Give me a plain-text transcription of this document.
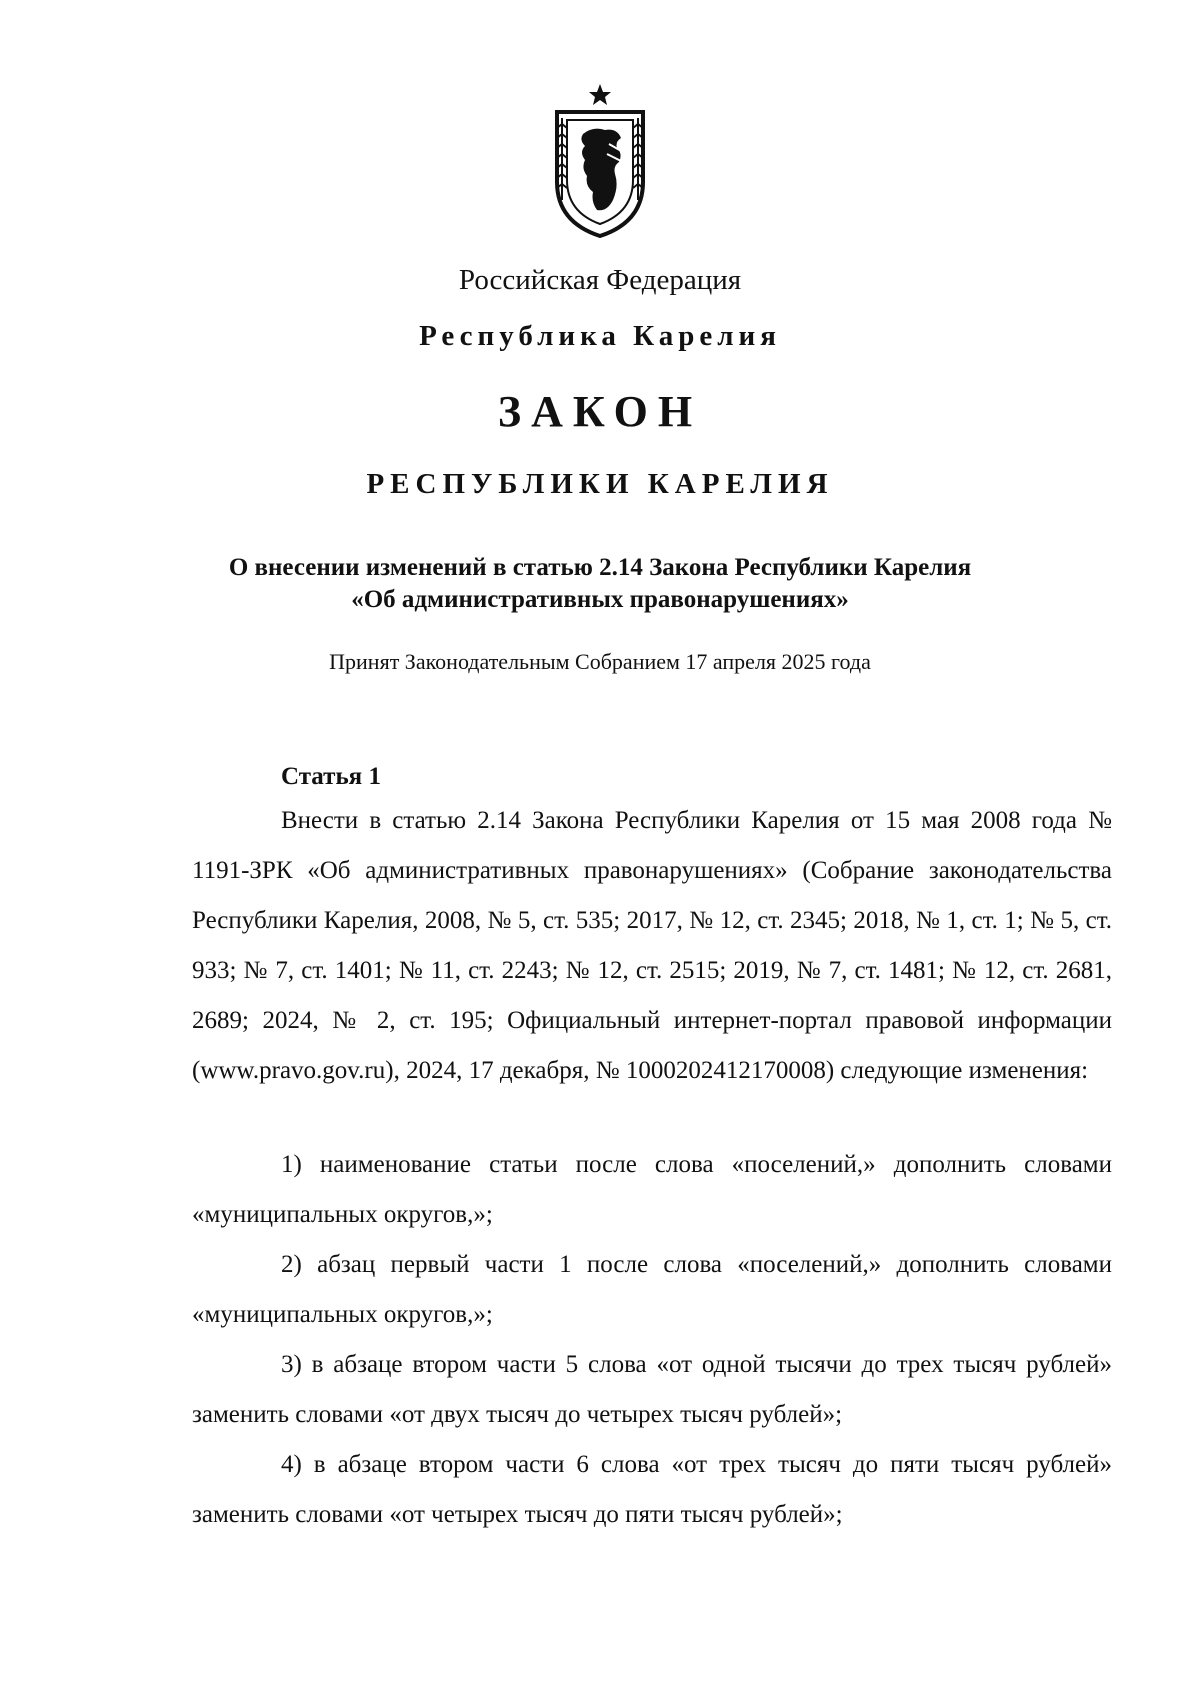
Российская Федерация
Республика Карелия
ЗАКОН
РЕСПУБЛИКИ КАРЕЛИЯ
О внесении изменений в статью 2.14 Закона Республики Карелия
«Об административных правонарушениях»
Принят Законодательным Собранием 17 апреля 2025 года
Статья 1

Внести в статью 2.14 Закона Республики Карелия от 15 мая 2008 года № 1191-ЗРК «Об административных правонарушениях» (Собрание законодательства Республики Карелия, 2008, № 5, ст. 535; 2017, № 12, ст. 2345; 2018, № 1, ст. 1; № 5, ст. 933; № 7, ст. 1401; № 11, ст. 2243; № 12, ст. 2515; 2019, № 7, ст. 1481; № 12, ст. 2681, 2689; 2024, № 2, ст. 195; Официальный интернет-портал правовой информации (www.pravo.gov.ru), 2024, 17 декабря, № 1000202412170008) следующие изменения:

1) наименование статьи после слова «поселений,» дополнить словами «муниципальных округов,»;

2) абзац первый части 1 после слова «поселений,» дополнить словами «муниципальных округов,»;

3) в абзаце втором части 5 слова «от одной тысячи до трех тысяч рублей» заменить словами «от двух тысяч до четырех тысяч рублей»;

4) в абзаце втором части 6 слова «от трех тысяч до пяти тысяч рублей» заменить словами «от четырех тысяч до пяти тысяч рублей»;
